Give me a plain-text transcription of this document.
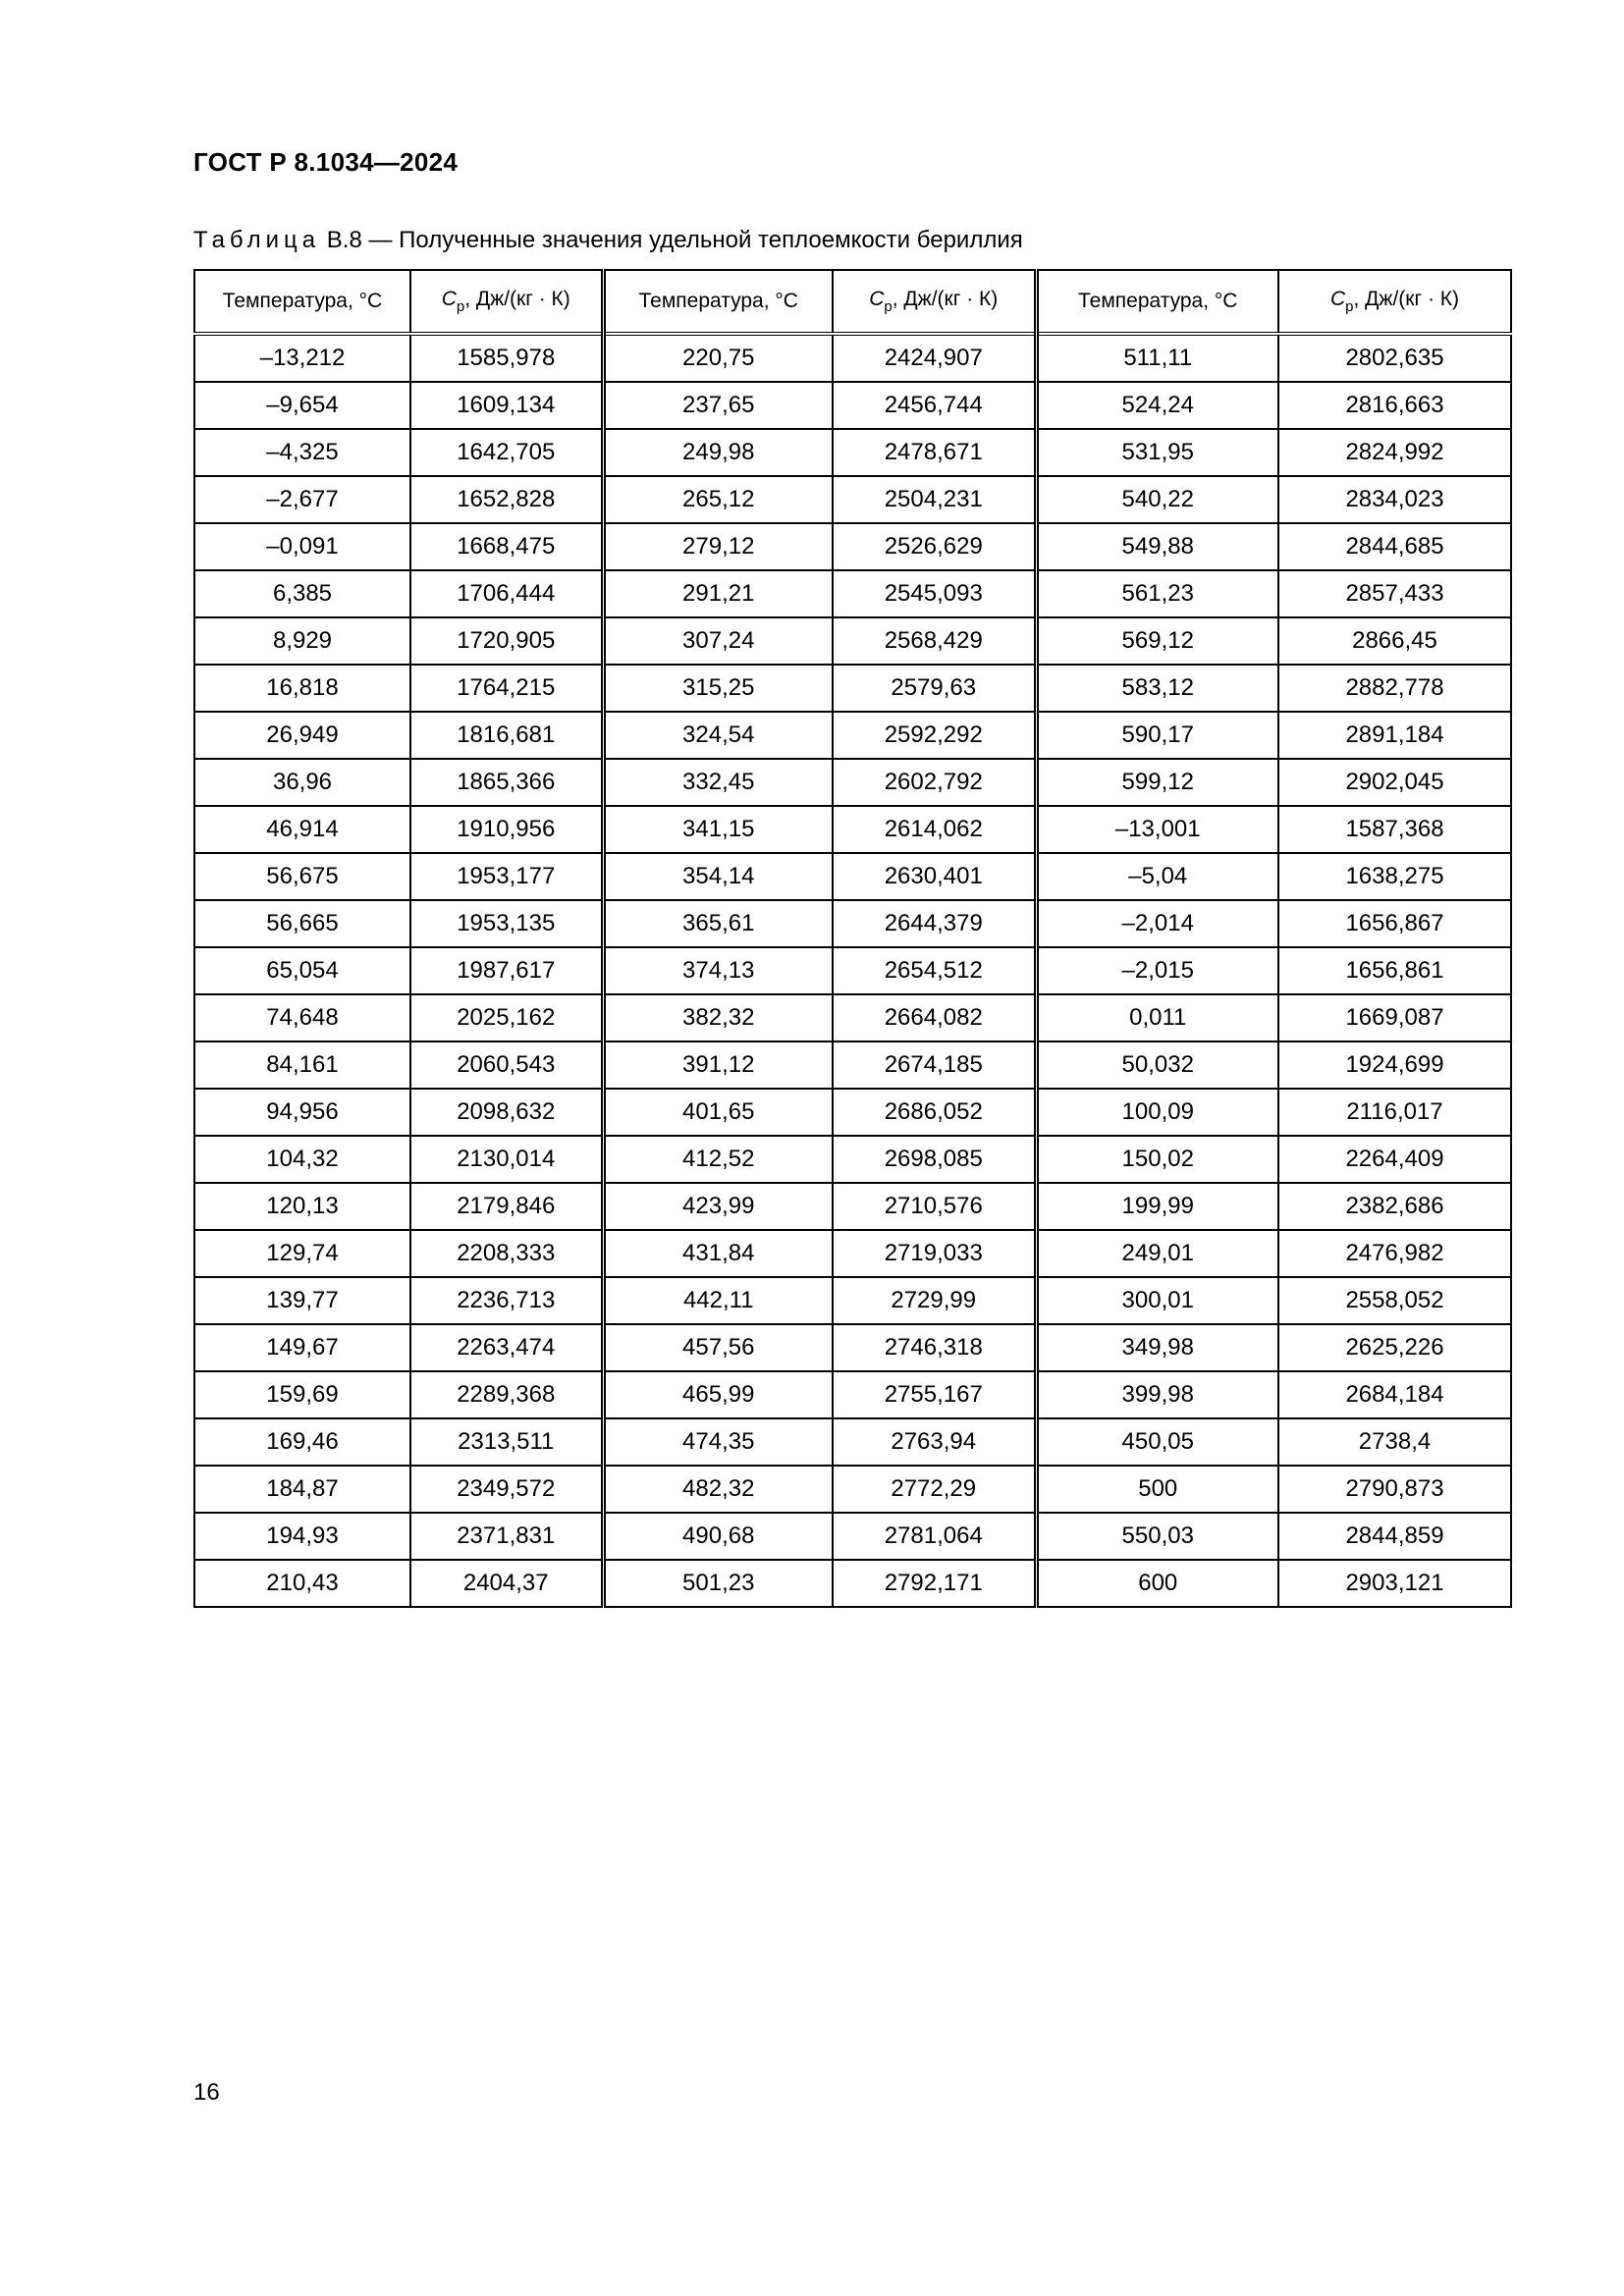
ГОСТ Р 8.1034—2024
Таблица В.8 — Полученные значения удельной теплоемкости бериллия
Температура, °С	$C_p$, Дж/(кг · К)	Температура, °С	$C_p$, Дж/(кг · К)	Температура, °С	$C_p$, Дж/(кг · К)
–13,212	1585,978	220,75	2424,907	511,11	2802,635
–9,654	1609,134	237,65	2456,744	524,24	2816,663
–4,325	1642,705	249,98	2478,671	531,95	2824,992
–2,677	1652,828	265,12	2504,231	540,22	2834,023
–0,091	1668,475	279,12	2526,629	549,88	2844,685
6,385	1706,444	291,21	2545,093	561,23	2857,433
8,929	1720,905	307,24	2568,429	569,12	2866,45
16,818	1764,215	315,25	2579,63	583,12	2882,778
26,949	1816,681	324,54	2592,292	590,17	2891,184
36,96	1865,366	332,45	2602,792	599,12	2902,045
46,914	1910,956	341,15	2614,062	–13,001	1587,368
56,675	1953,177	354,14	2630,401	–5,04	1638,275
56,665	1953,135	365,61	2644,379	–2,014	1656,867
65,054	1987,617	374,13	2654,512	–2,015	1656,861
74,648	2025,162	382,32	2664,082	0,011	1669,087
84,161	2060,543	391,12	2674,185	50,032	1924,699
94,956	2098,632	401,65	2686,052	100,09	2116,017
104,32	2130,014	412,52	2698,085	150,02	2264,409
120,13	2179,846	423,99	2710,576	199,99	2382,686
129,74	2208,333	431,84	2719,033	249,01	2476,982
139,77	2236,713	442,11	2729,99	300,01	2558,052
149,67	2263,474	457,56	2746,318	349,98	2625,226
159,69	2289,368	465,99	2755,167	399,98	2684,184
169,46	2313,511	474,35	2763,94	450,05	2738,4
184,87	2349,572	482,32	2772,29	500	2790,873
194,93	2371,831	490,68	2781,064	550,03	2844,859
210,43	2404,37	501,23	2792,171	600	2903,121
16
